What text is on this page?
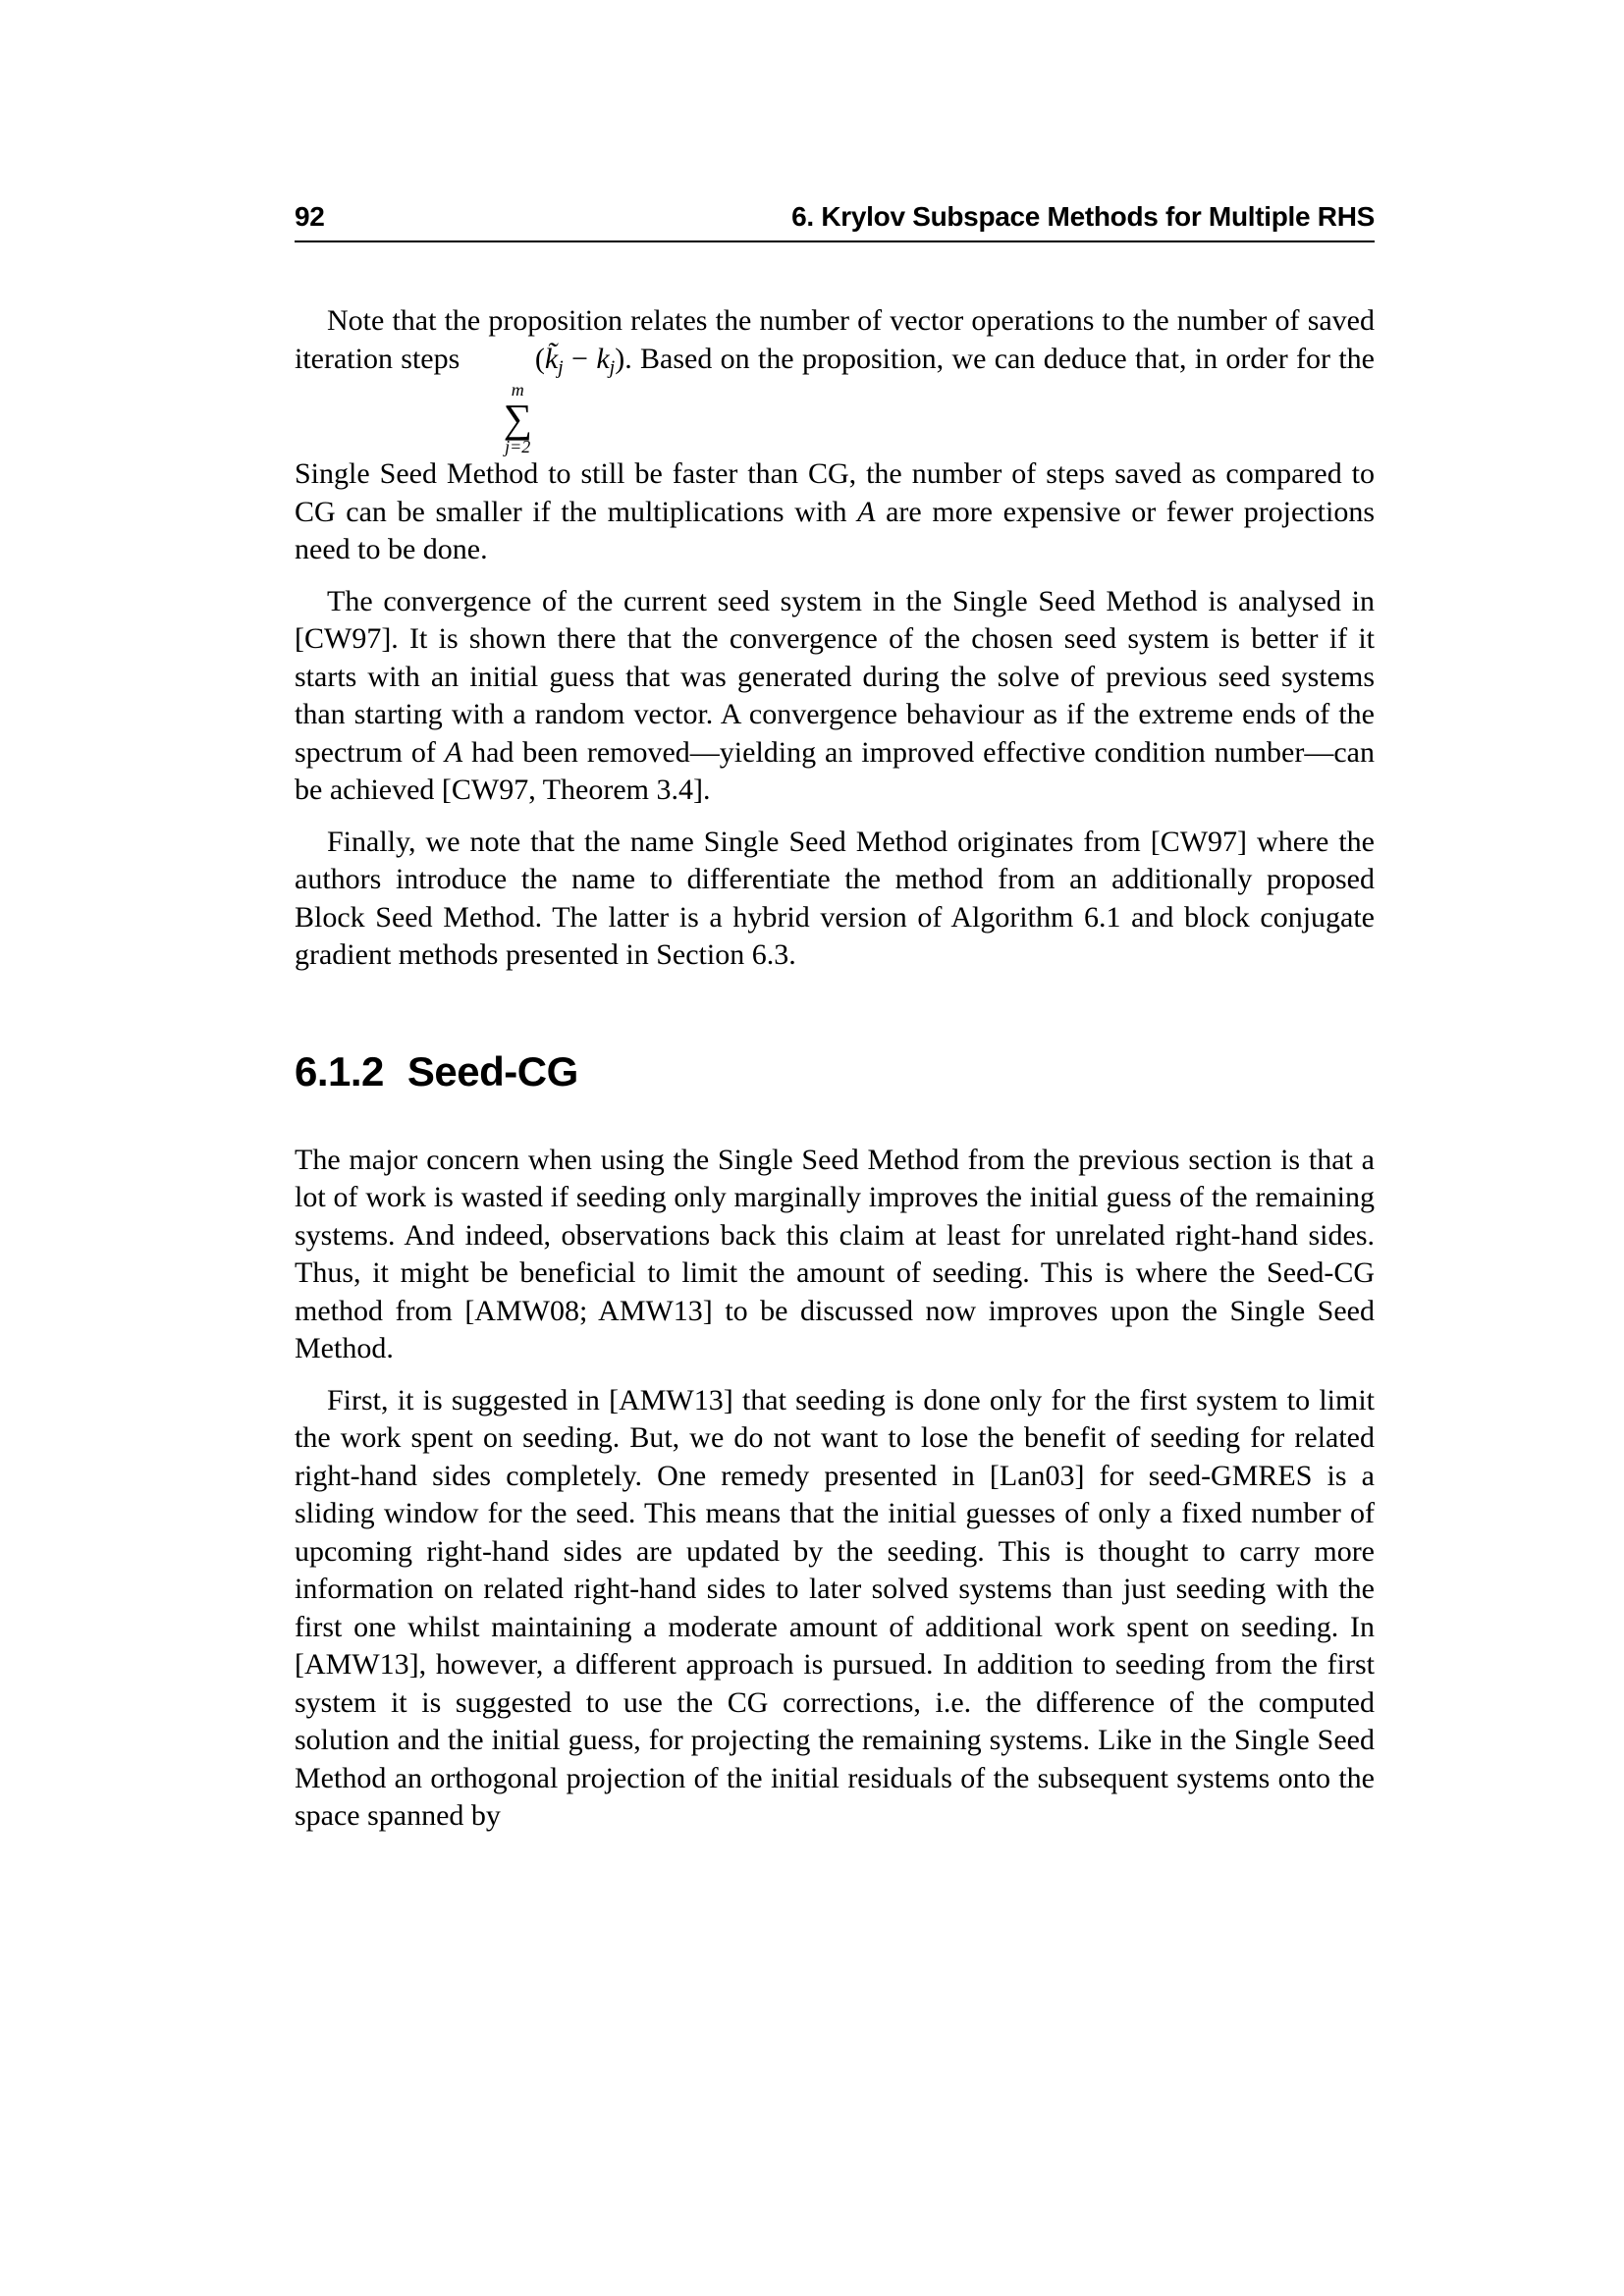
92	6. Krylov Subspace Methods for Multiple RHS

Note that the proposition relates the number of vector operations to the number of saved iteration steps
m
∑
j=2
(k̃j − kj). Based on the proposition, we can deduce that, in order for the Single Seed Method to still be faster than CG, the number of steps saved as compared to CG can be smaller if the multiplications with A are more expensive or fewer projections need to be done.

The convergence of the current seed system in the Single Seed Method is analysed in [CW97]. It is shown there that the convergence of the chosen seed system is better if it starts with an initial guess that was generated during the solve of previous seed systems than starting with a random vector. A convergence behaviour as if the extreme ends of the spectrum of A had been removed—yielding an improved effective condition number—can be achieved [CW97, Theorem 3.4].

Finally, we note that the name Single Seed Method originates from [CW97] where the authors introduce the name to differentiate the method from an additionally proposed Block Seed Method. The latter is a hybrid version of Algorithm 6.1 and block conjugate gradient methods presented in Section 6.3.

6.1.2 Seed-CG

The major concern when using the Single Seed Method from the previous section is that a lot of work is wasted if seeding only marginally improves the initial guess of the remaining systems. And indeed, observations back this claim at least for unrelated right-hand sides. Thus, it might be beneficial to limit the amount of seeding. This is where the Seed-CG method from [AMW08; AMW13] to be discussed now improves upon the Single Seed Method.

First, it is suggested in [AMW13] that seeding is done only for the first system to limit the work spent on seeding. But, we do not want to lose the benefit of seeding for related right-hand sides completely. One remedy presented in [Lan03] for seed-GMRES is a sliding window for the seed. This means that the initial guesses of only a fixed number of upcoming right-hand sides are updated by the seeding. This is thought to carry more information on related right-hand sides to later solved systems than just seeding with the first one whilst maintaining a moderate amount of additional work spent on seeding. In [AMW13], however, a different approach is pursued. In addition to seeding from the first system it is suggested to use the CG corrections, i.e. the difference of the computed solution and the initial guess, for projecting the remaining systems. Like in the Single Seed Method an orthogonal projection of the initial residuals of the subsequent systems onto the space spanned by
